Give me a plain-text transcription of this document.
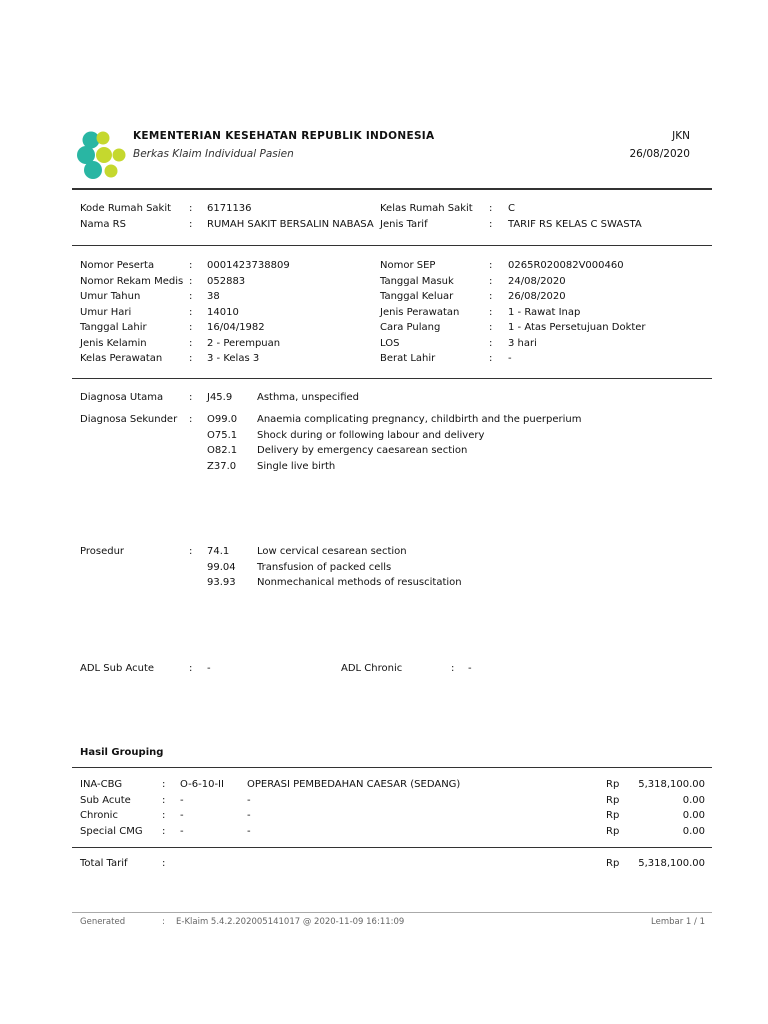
KEMENTERIAN KESEHATAN REPUBLIK INDONESIA
Berkas Klaim Individual Pasien
JKN
26/08/2020
Kode Rumah Sakit : 6171136
Nama RS	: RUMAH SAKIT BERSALIN NABASA
Kelas Rumah Sakit : C
Jenis Tarif	: TARIF RS KELAS C SWASTA
Nomor Peserta	: 0001423738809
Nomor Rekam Medis : 052883
Umur Tahun	: 38
Umur Hari	: 14010
Tanggal Lahir	: 16/04/1982
Jenis Kelamin	: 2 - Perempuan
Kelas Perawatan	: 3 - Kelas 3
Nomor SEP	: 0265R020082V000460
Tanggal Masuk	: 24/08/2020
Tanggal Keluar	: 26/08/2020
Jenis Perawatan	: 1 - Rawat Inap
Cara Pulang	: 1 - Atas Persetujuan Dokter
LOS	: 3 hari
Berat Lahir	: -
Diagnosa Utama	: J45.9 Asthma, unspecified
Diagnosa Sekunder : O99.0 Anaemia complicating pregnancy, childbirth and the puerperium
O75.1 Shock during or following labour and delivery
O82.1 Delivery by emergency caesarean section
Z37.0 Single live birth
Prosedur	: 74.1	Low cervical cesarean section
99.04 Transfusion of packed cells
93.93 Nonmechanical methods of resuscitation
ADL Sub Acute	: -	ADL Chronic	: -
Hasil Grouping
INA-CBG	: O-6-10-II OPERASI PEMBEDAHAN CAESAR (SEDANG)	Rp 5,318,100.00
Sub Acute	: -	-	Rp	0.00
Chronic	: -	-	Rp	0.00
Special CMG : -	-	Rp	0.00
Total Tarif	:	Rp 5,318,100.00
Generated	: E-Klaim 5.4.2.202005141017 @ 2020-11-09 16:11:09	Lembar 1 / 1
